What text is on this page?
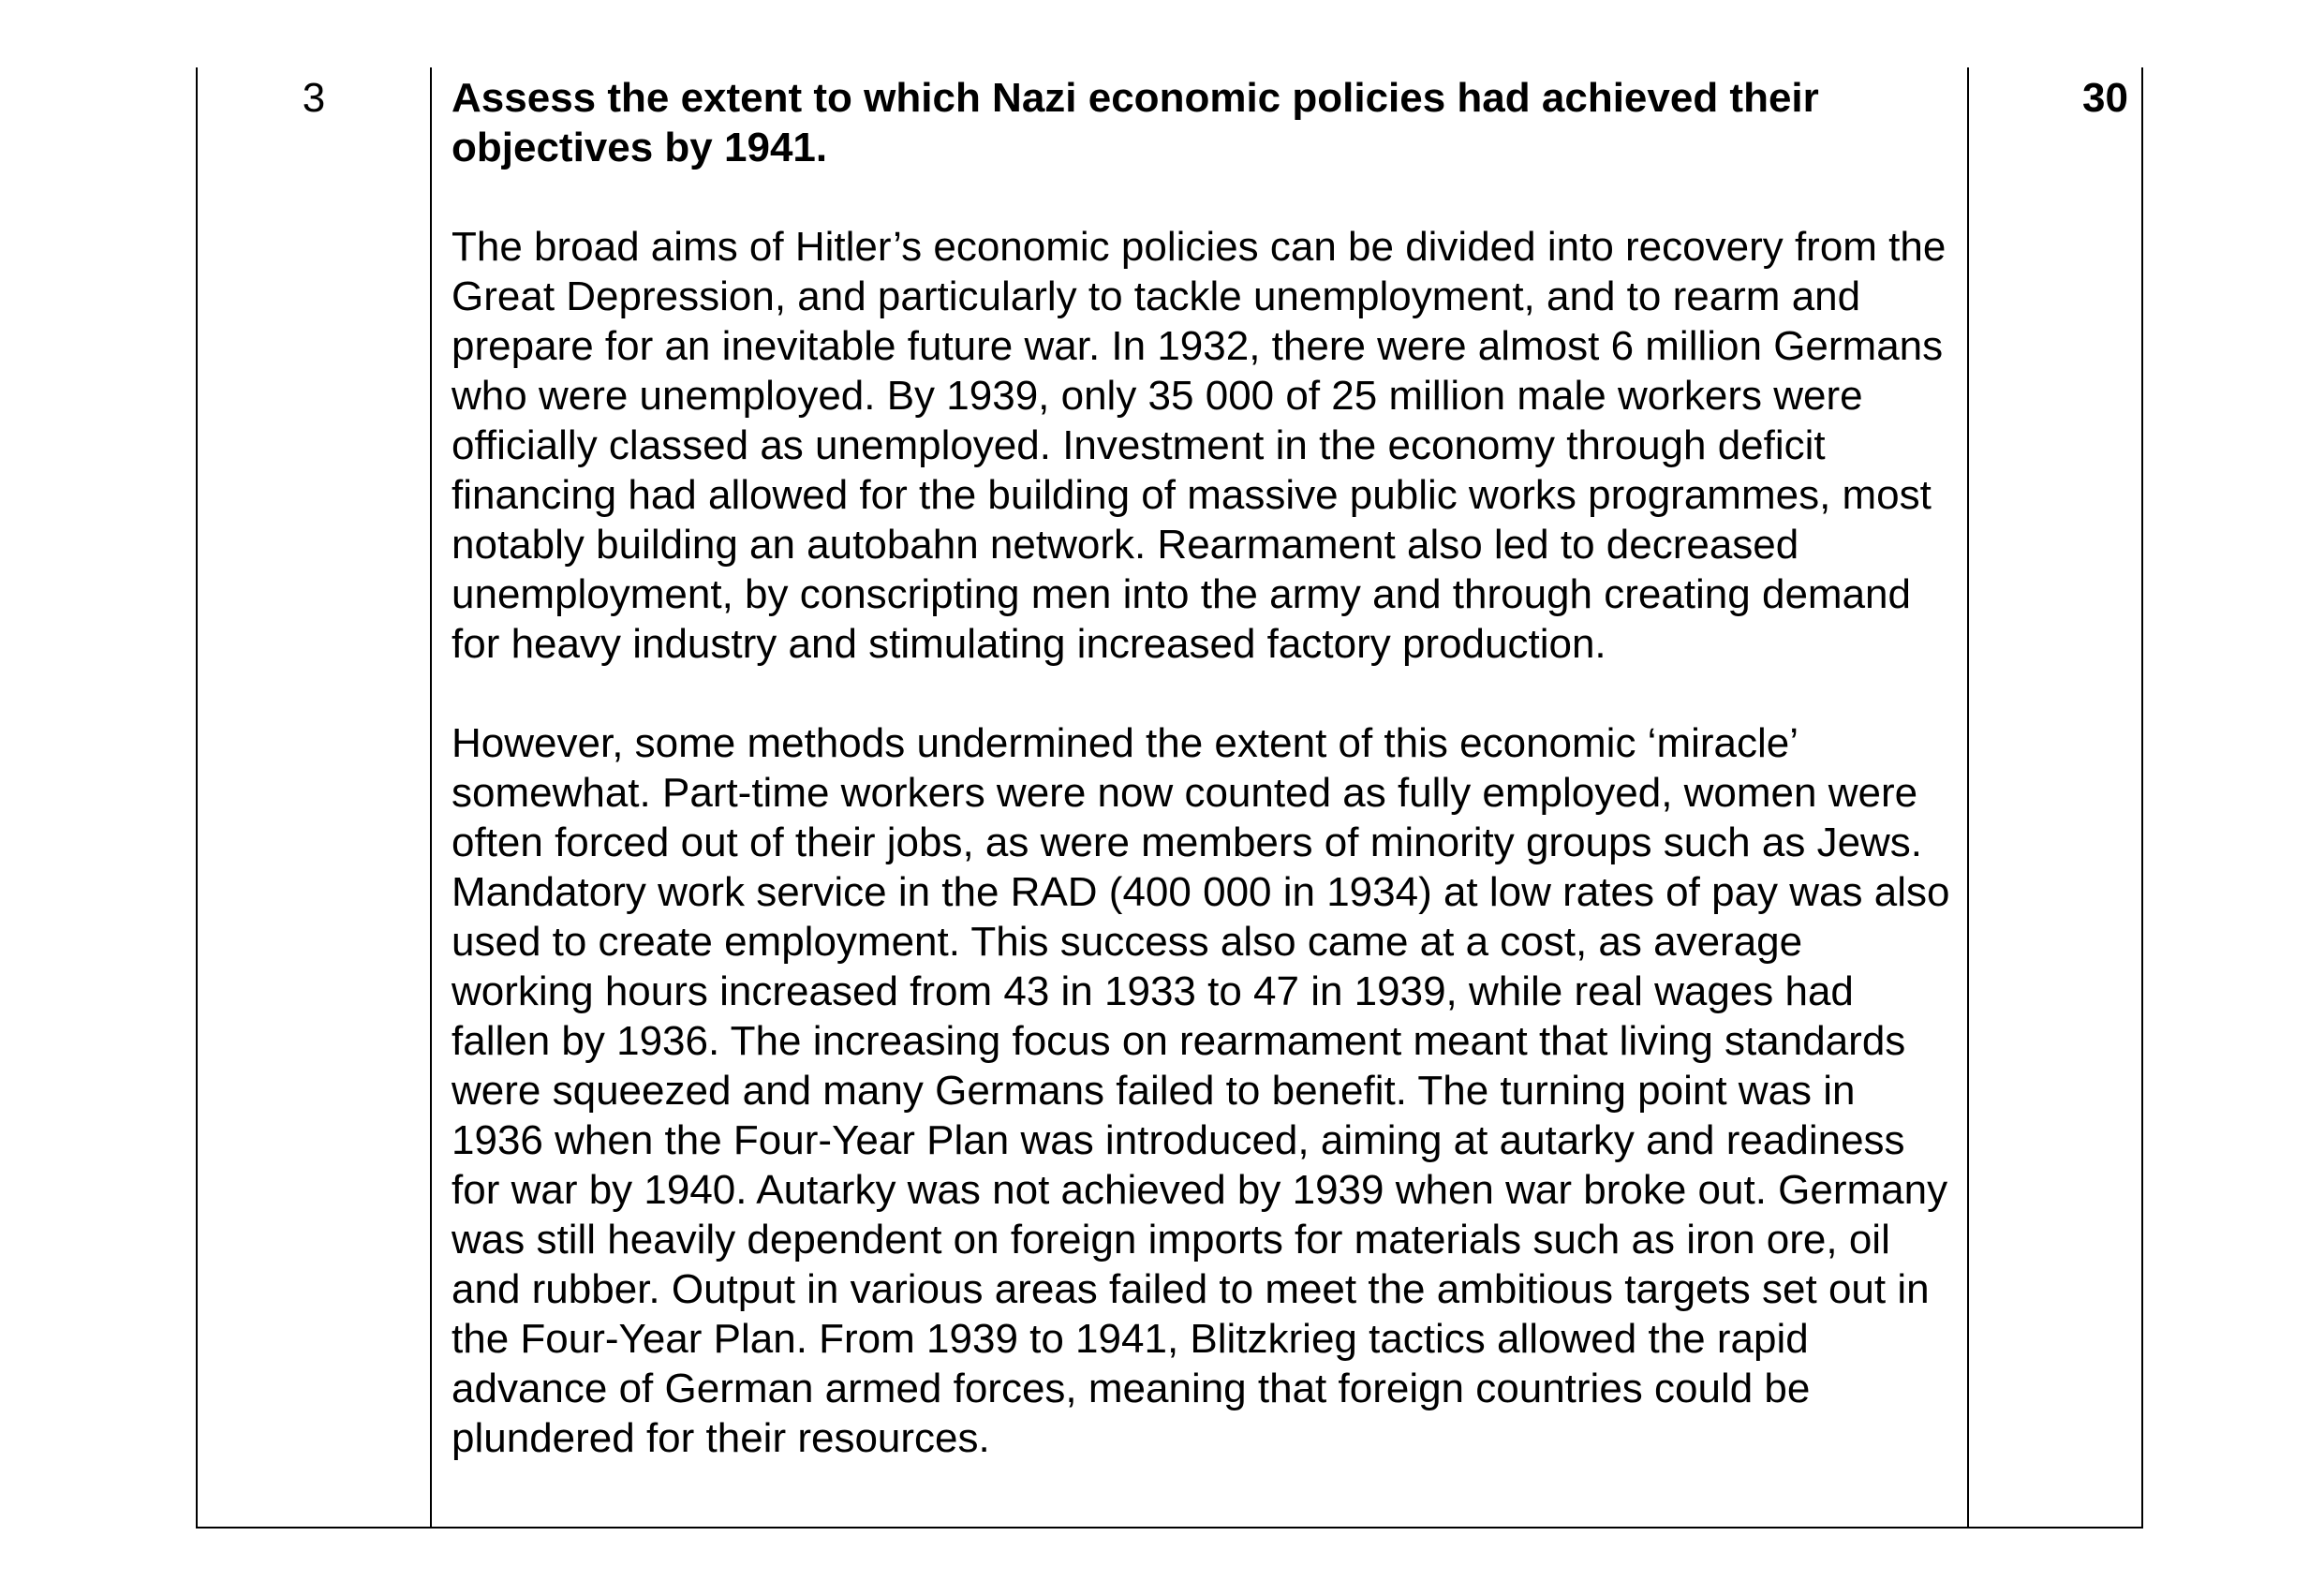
3	Assess the extent to which Nazi economic policies had achieved their objectives by 1941.

The broad aims of Hitler’s economic policies can be divided into recovery from the Great Depression, and particularly to tackle unemployment, and to rearm and prepare for an inevitable future war. In 1932, there were almost 6 million Germans who were unemployed. By 1939, only 35 000 of 25 million male workers were officially classed as unemployed. Investment in the economy through deficit financing had allowed for the building of massive public works programmes, most notably building an autobahn network. Rearmament also led to decreased unemployment, by conscripting men into the army and through creating demand for heavy industry and stimulating increased factory production.

However, some methods undermined the extent of this economic ‘miracle’ somewhat. Part-time workers were now counted as fully employed, women were often forced out of their jobs, as were members of minority groups such as Jews. Mandatory work service in the RAD (400 000 in 1934) at low rates of pay was also used to create employment. This success also came at a cost, as average working hours increased from 43 in 1933 to 47 in 1939, while real wages had fallen by 1936. The increasing focus on rearmament meant that living standards were squeezed and many Germans failed to benefit. The turning point was in 1936 when the Four-Year Plan was introduced, aiming at autarky and readiness for war by 1940. Autarky was not achieved by 1939 when war broke out. Germany was still heavily dependent on foreign imports for materials such as iron ore, oil and rubber. Output in various areas failed to meet the ambitious targets set out in the Four-Year Plan. From 1939 to 1941, Blitzkrieg tactics allowed the rapid advance of German armed forces, meaning that foreign countries could be plundered for their resources.

30
